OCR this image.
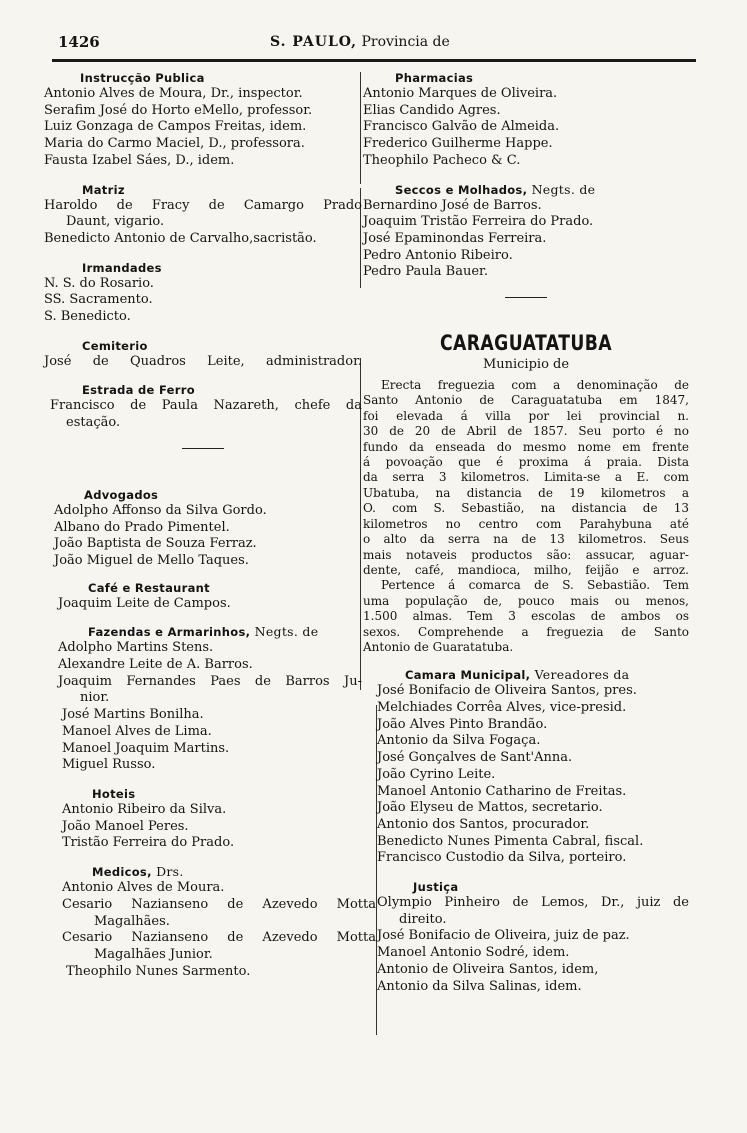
1426	S. PAULO, Provincia de
Instrucção Publica
Antonio Alves de Moura, Dr., inspector.
Serafim José do Horto eMello, professor.
Luiz Gonzaga de Campos Freitas, idem.
Maria do Carmo Maciel, D., professora.
Fausta Izabel Sáes, D., idem.
Matriz
Haroldo de Fracy de Camargo Prado
Daunt, vigario.
Benedicto Antonio de Carvalho,sacristão.
Irmandades
N. S. do Rosario.
SS. Sacramento.
S. Benedicto.
Cemiterio
José de Quadros Leite, administrador.
Estrada de Ferro
Francisco de Paula Nazareth, chefe da
estação.
Advogados
Adolpho Affonso da Silva Gordo.
Albano do Prado Pimentel.
João Baptista de Souza Ferraz.
João Miguel de Mello Taques.
Café e Restaurant
Joaquim Leite de Campos.
Fazendas e Armarinhos, Negts. de
Adolpho Martins Stens.
Alexandre Leite de A. Barros.
Joaquim Fernandes Paes de Barros Ju-
nior.
José Martins Bonilha.
Manoel Alves de Lima.
Manoel Joaquim Martins.
Miguel Russo.
Hoteis
Antonio Ribeiro da Silva.
João Manoel Peres.
Tristão Ferreira do Prado.
Medicos, Drs.
Antonio Alves de Moura.
Cesario Nazianseno de Azevedo Motta
Magalhães.
Cesario Nazianseno de Azevedo Motta
Magalhães Junior.
Theophilo Nunes Sarmento.
Pharmacias
Antonio Marques de Oliveira.
Elias Candido Agres.
Francisco Galvão de Almeida.
Frederico Guilherme Happe.
Theophilo Pacheco & C.
Seccos e Molhados, Negts. de
Bernardino José de Barros.
Joaquim Tristão Ferreira do Prado.
José Epaminondas Ferreira.
Pedro Antonio Ribeiro.
Pedro Paula Bauer.
CARAGUATATUBA
Municipio de
Erecta freguezia com a denominação de
Santo Antonio de Caraguatatuba em 1847,
foi elevada á villa por lei provincial n.
30 de 20 de Abril de 1857. Seu porto é no
fundo da enseada do mesmo nome em frente
á povoação que é proxima á praia. Dista
da serra 3 kilometros. Limita-se a E. com
Ubatuba, na distancia de 19 kilometros a
O. com S. Sebastião, na distancia de 13
kilometros no centro com Parahybuna até
o alto da serra na de 13 kilometros. Seus
mais notaveis productos são: assucar, aguar-
dente, café, mandioca, milho, feijão e arroz.
Pertence á comarca de S. Sebastião. Tem
uma população de, pouco mais ou menos,
1.500 almas. Tem 3 escolas de ambos os
sexos. Comprehende a freguezia de Santo
Antonio de Guaratatuba.
Camara Municipal, Vereadores da
José Bonifacio de Oliveira Santos, pres.
Melchiades Corrêa Alves, vice-presid.
João Alves Pinto Brandão.
Antonio da Silva Fogaça.
José Gonçalves de Sant'Anna.
João Cyrino Leite.
Manoel Antonio Catharino de Freitas.
João Elyseu de Mattos, secretario.
Antonio dos Santos, procurador.
Benedicto Nunes Pimenta Cabral, fiscal.
Francisco Custodio da Silva, porteiro.
Justiça
Olympio Pinheiro de Lemos, Dr., juiz de
direito.
José Bonifacio de Oliveira, juiz de paz.
Manoel Antonio Sodré, idem.
Antonio de Oliveira Santos, idem,
Antonio da Silva Salinas, idem.
